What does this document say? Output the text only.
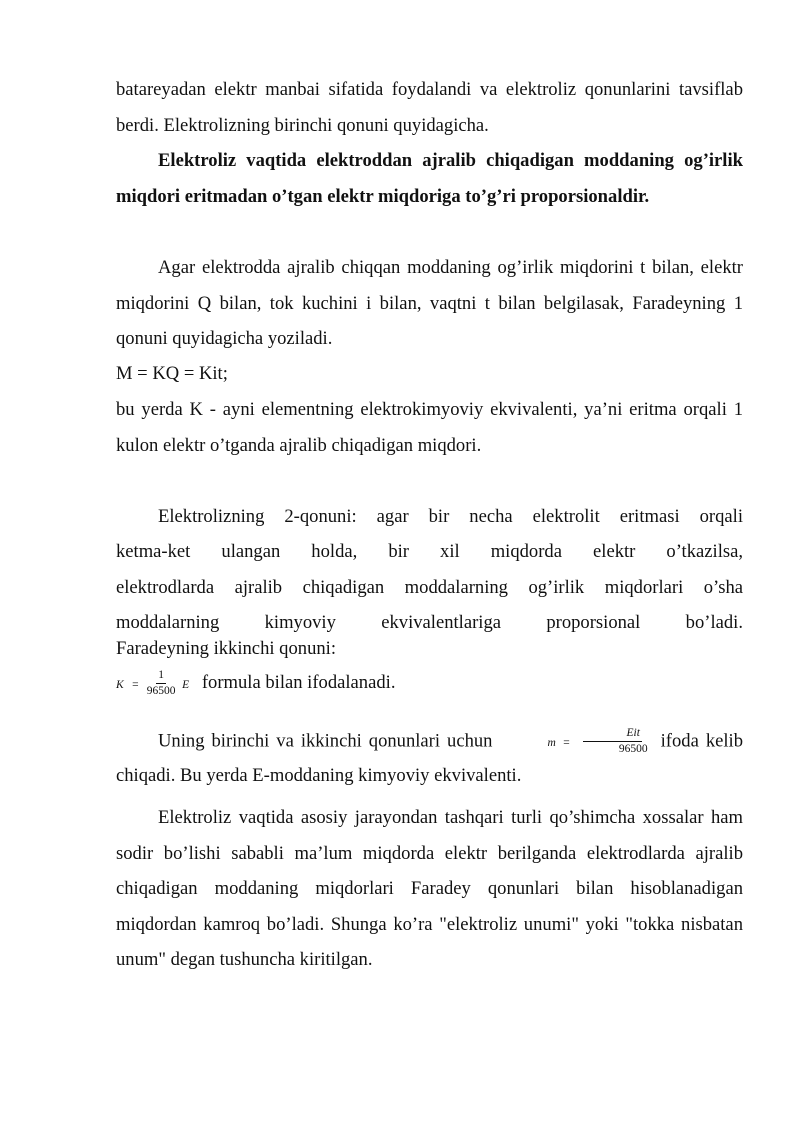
batareyadan elektr manbai sifatida foydalandi va elektroliz qonunlarini tavsiflab berdi. Elektrolizning birinchi qonuni quyidagicha.

Elektroliz vaqtida elektroddan ajralib chiqadigan moddaning og’irlik miqdori eritmadan o’tgan elektr miqdoriga to’g’ri proporsionaldir.

Agar elektrodda ajralib chiqqan moddaning og’irlik miqdorini t bilan, elektr miqdorini Q bilan, tok kuchini i bilan, vaqtni t bilan belgilasak, Faradeyning 1 qonuni quyidagicha yoziladi.

M = KQ = Kit;

bu yerda K - ayni elementning elektrokimyoviy ekvivalenti, ya’ni eritma orqali 1 kulon elektr o’tganda ajralib chiqadigan miqdori.

Elektrolizning 2-qonuni: agar bir necha elektrolit eritmasi orqali

ketma-ket ulangan holda, bir xil miqdorda elektr o’tkazilsa,

elektrodlarda ajralib chiqadigan moddalarning og’irlik miqdorlari o’sha

moddalarning kimyoviy ekvivalentlariga proporsional bo’ladi.

Faradeyning ikkinchi qonuni:

$K = \frac{1}{96500}$ E formula bilan ifodalanadi.
Uning birinchi va ikkinchi qonunlari uchun	$m = \frac{\text{Eit}}{96500}$ ifoda kelib

chiqadi. Bu yerda E-moddaning kimyoviy ekvivalenti.

Elektroliz vaqtida asosiy jarayondan tashqari turli qo’shimcha xossalar ham sodir bo’lishi sababli ma’lum miqdorda elektr berilganda elektrodlarda ajralib chiqadigan moddaning miqdorlari Faradey qonunlari bilan hisoblanadigan miqdordan kamroq bo’ladi. Shunga ko’ra "elektroliz unumi" yoki "tokka nisbatan unum" degan tushuncha kiritilgan.
